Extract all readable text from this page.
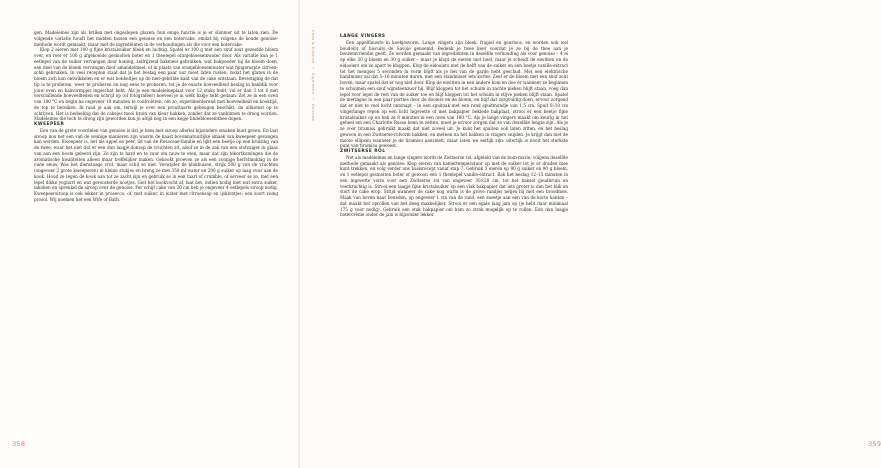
gen. Madeleines zijn als brillen met ongeslepen glazen: hun enige functie is je er slimmer uit te laten zien. De volgende variatie houdt het midden tussen een genoise en een botercake, omdat hij volgens de koude genoise-methode wordt gemaakt, maar met de ingrediënten in de verhoudingen als die voor een botercake.

Klop 2 eieren met 100 g fijne kristalsuiker bleek en luchtig. Spatel er 100 g met een snuf zout gezeefde bloem over, en roer er 100 g afgekoelde gesmolten boter en 1 theelepel oranjebloesemwater door. Als variatie kun je 1 eetlepel van de suiker vervangen door honing, zelfrijzend bakmeel gebruiken, wat bakpoeder bij de bloem doen, een deel van de bloem vervangen door amandelmeel, of in plaats van oranjebloesemwater wat fijngeraspte citroenschil gebruiken. In veel recepten staat dat je het beslag een paar uur moet laten rusten, zodat het gluten in de bloem zich kan ontwikkelen en er wat bobbeltjes op de niet-gebrilde kant van de cake ontstaan. Bevestiging de dat tip is te proberen, weer te proberen en nog eens te proberen, tot je de exacte hoeveelheid beslag in bakblik voor jouw oven en bakvormpjes ingeschat hebt. Als je een madeleineplaat voor 12 stuks hebt, vul er dan 3 tot 6 met verschillende hoeveelheden en schrijf op (of fotografeer) hoeveel je in welk bakje hebt gedaan. Zet ze in een oven van 180 °C en begin na ongeveer 10 minuten te controleren, om zo, experimenterend met hoeveelheid en kooktijd, de top te bereiken. Ik raad je aan om, terwijl je over een prouttaarts gebeugen beschikt, de uitkomst op te schrijven. Het is bedoeling dat de cakejes mooi bruin van kleur bakken, zonder dat ze vanbinnen te droog worden. Madeleines die toch te droog zijn geworden kun je altijd nog in een kopje lindebloesemthee dopen.

KWEEPEER

Een van de grote voordelen van genoise is dat je hem met siroop allerlei bijzondere smaken kunt geven. En laat siroop nou net een van de weinige manieren zijn waarin de haast bovennatuurlijke smaak van kweepeer gevangen kan worden. Kweepeer is, net als appel en peer, lid van de Rosaceae-familie en lijkt een beetje op een kruising van de twee, waar het niet dat er een dun laagje donsop de vruchten zit, alsof ze in de zak van een stofzuiger in glaas van aan een boom geleerd zijn. Ze zijn te hard en te zuur om rauw te eten, maar dat zijn tekortkomingen die de aromatische kwaliteiten alleen maar treffelijker maken. Gekookt proeven ze als een zonnige herfstmiddag in de oude eeuw. Was het dienstaage vruf, maar schil se niet. Verwijder de klokhuisen, strijk 500 g van de vruchten (ongeveer 2 grote kweeperen) in kleine stukjes en breng ze met 350 ml water en 200 g suiker op laag vuur aan de kook. Houd ze tegen de kook aan tot ze zacht zijn en gebruik se in een taart of crumble, of serveer se zo, met een lepel dikke yoghurt en wat geroosterde nootjes. Giet het kookvocht af, laat het, indien nodig met wat extra suiker, inkoken en sprenkel de siroop over de genoise. Per schijf cake van 20 cm heb je ongeveer 4 eetlepels siroop nodig. Kweepeersiroop is ook lekker in prosecco, of, met suiker, in water met citroensap en ijsklontjes: een soort zoing prosol. Wij noemen het een Wife of Bath.

358

LANGE VINGERS

Een appelflauwte in koekjesvorm. Lange vingers zijn bleek, fragiel en geurloos, en worden ook wel boudoirs of biscuits de Savoie genoemd. Bedenk je twee keer voordat je ze bij de thee aan je boezemvriendin geeft. Ze worden gemaakt van ingrediënten in dezelfde verhouding als voor genoise – 4 ei op elke 30 g bloem en 30 g suiker – maar je klopt de eieren niet heel, maar je scheidt de eiwitten en de eidooiers om ze apart te kloppen. Klop de eidooiers met de helft van de suiker en een beetje vanille-extract tot het mengsel 5 seconden in vorm blijft als je het van de garde hebt geschud. Met een elektrische handmixer zal dat 5–10 minuten duren, met een standmixer iets korter. Zeef er de bloem met een snuf zout boven, maar spatel dat er nog niet door. Klop de eiwitten in een andere kom en doe er wanneer ze beginnen te schuimen een snuf wijnsteenzuur bij. Blijf kloppen tot het schuim in zachte pieken blijft staan, voeg dan lepel voor lepel de rest van de suiker toe en blijf kloppen tot het schuim in stijve pieken blijft staan. Spatel de meringue in een paar porties door de dooiers en de bloem, en blijf dat zorgvuldig doen, ervoor zorgend dat er niet te veel lucht ontsnapt – in een spuitzak met een rond spuitmondje van 1,5 cm. Spuit 8–10 cm vingerlange repen op een licht ingevette of met bakpapier beklede bakplaat, strooi er een beetje fijne kristalsuiker op en bak ze 8 minuten in een oven van 180 °C. Als je lange vingers maakt om keurig in het geheel om een Charlotte Russe heen te zetten, moet je ervoor zorgen dat ze van dezelfde lengte zijn. Als je ze voor tiramisu gebruikt maakt dat niet zoveel uit. Je kunt het spuiten ook laten zitten, en het beslag gewoon in een Zwitserse-rolvorm bakken, en meteen na het bakken in vingers snijden. Je krijgt dan niet de mooie ellipsen wanneer je de tiramisu aanzmelt, maar laten we eerlijk zijn: uiterlijk is nooit het sterkste punt van tiramisu geweest.

ZWITSERSE ROL

Net als madeleines en lange vingers wordt de Zwitserse rol, afgeleid van de buin-marie, volgens dezelfde methode gemaakt als genoise: Klop eieren van kamertemperatuur op met de suiker tot je er draden mee kunt trekken, en volg verder ons basisrecept vanaf stap 7. Gebruik 3 eieren op 90 g suiker en 90 g bloem, en 1 eetlepel gesmolten boter of gewoon een 1 theelepel vanille-extract. Bak het beslag 12–15 minuten in een ingevette vorm voor een Zwitserse rol van ongeveer 30×20 cm, tot het baksel goudbruin en veerkrachtig is. Strooi een laagje fijne kristalsuiker op een vlak bakpapier dat iets groter is dan het blik en stort de cake erop. Strijd wanneer de cake nog warm is de grove randjes netjes bij met een broodmes. Maak van boven naar beneden, op ongeveer 1 cm van de rand, een sneetje aan een van de korte kanten – dat maakt het oprollen van het deeg makkelijker. Strooi er een egale laag jam op (je hebt daar minimaal 175 g voor nodig). Gebruik een stuk bakpapier om hem zo strak mogelijk op te rollen. Een dun laagje botercrème onder de jam is bijzonder lekker.

359
Cake & Koekjes • Eigeleden • Genoise
